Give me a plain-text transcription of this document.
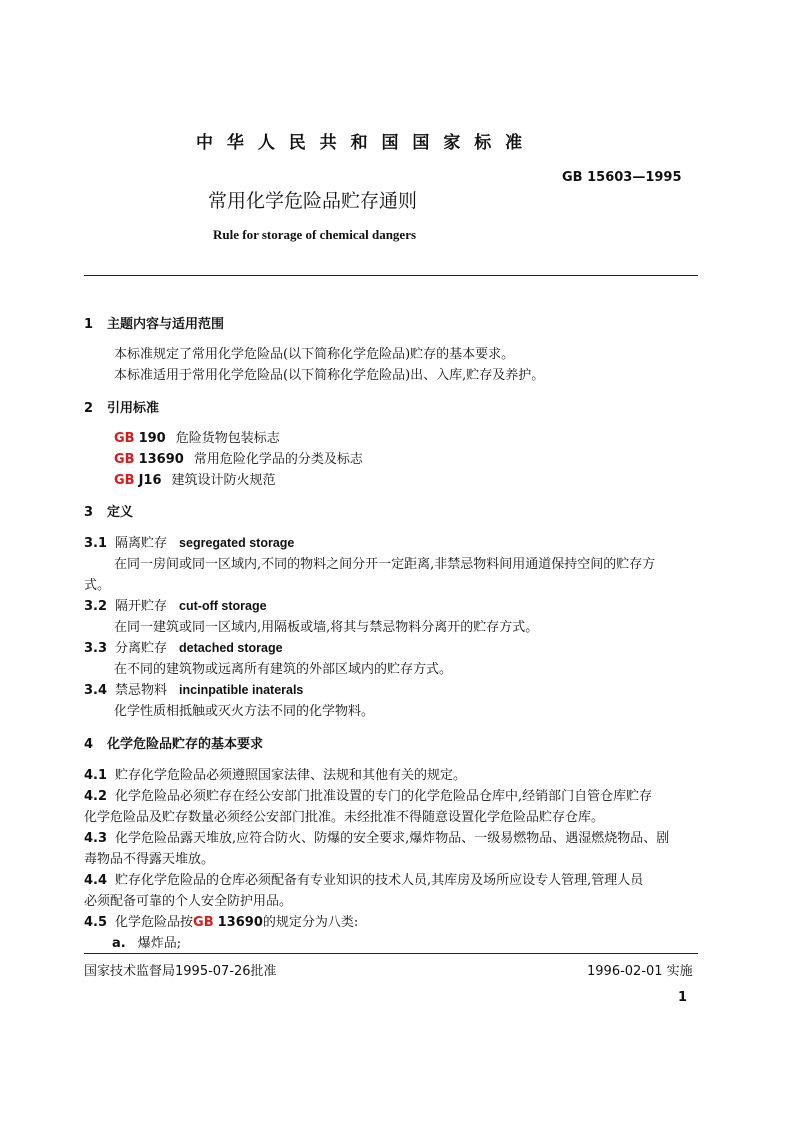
中 华 人 民 共 和 国 国 家 标 准
GB 15603—1995
常用化学危险品贮存通则
Rule for storage of chemical dangers
1 主题内容与适用范围
本标准规定了常用化学危险品(以下简称化学危险品)贮存的基本要求。
本标准适用于常用化学危险品(以下简称化学危险品)出、入库,贮存及养护。
2 引用标准
GB 190 危险货物包装标志
GB 13690 常用危险化学品的分类及标志
GB J16 建筑设计防火规范
3 定义
3.1 隔离贮存 segregated storage
在同一房间或同一区域内,不同的物料之间分开一定距离,非禁忌物料间用通道保持空间的贮存方
式。
3.2 隔开贮存 cut-off storage
在同一建筑或同一区域内,用隔板或墙,将其与禁忌物料分离开的贮存方式。
3.3 分离贮存 detached storage
在不同的建筑物或远离所有建筑的外部区域内的贮存方式。
3.4 禁忌物料 incinpatible inaterals
化学性质相抵触或灭火方法不同的化学物料。
4 化学危险品贮存的基本要求
4.1 贮存化学危险品必须遵照国家法律、法规和其他有关的规定。
4.2 化学危险品必须贮存在经公安部门批准设置的专门的化学危险品仓库中,经销部门自管仓库贮存
化学危险品及贮存数量必须经公安部门批准。未经批准不得随意设置化学危险品贮存仓库。
4.3 化学危险品露天堆放,应符合防火、防爆的安全要求,爆炸物品、一级易燃物品、遇湿燃烧物品、剧
毒物品不得露天堆放。
4.4 贮存化学危险品的仓库必须配备有专业知识的技术人员,其库房及场所应设专人管理,管理人员
必须配备可靠的个人安全防护用品。
4.5 化学危险品按GB 13690的规定分为八类:
a. 爆炸品;
国家技术监督局1995-07-26批准	1996-02-01 实施
1
